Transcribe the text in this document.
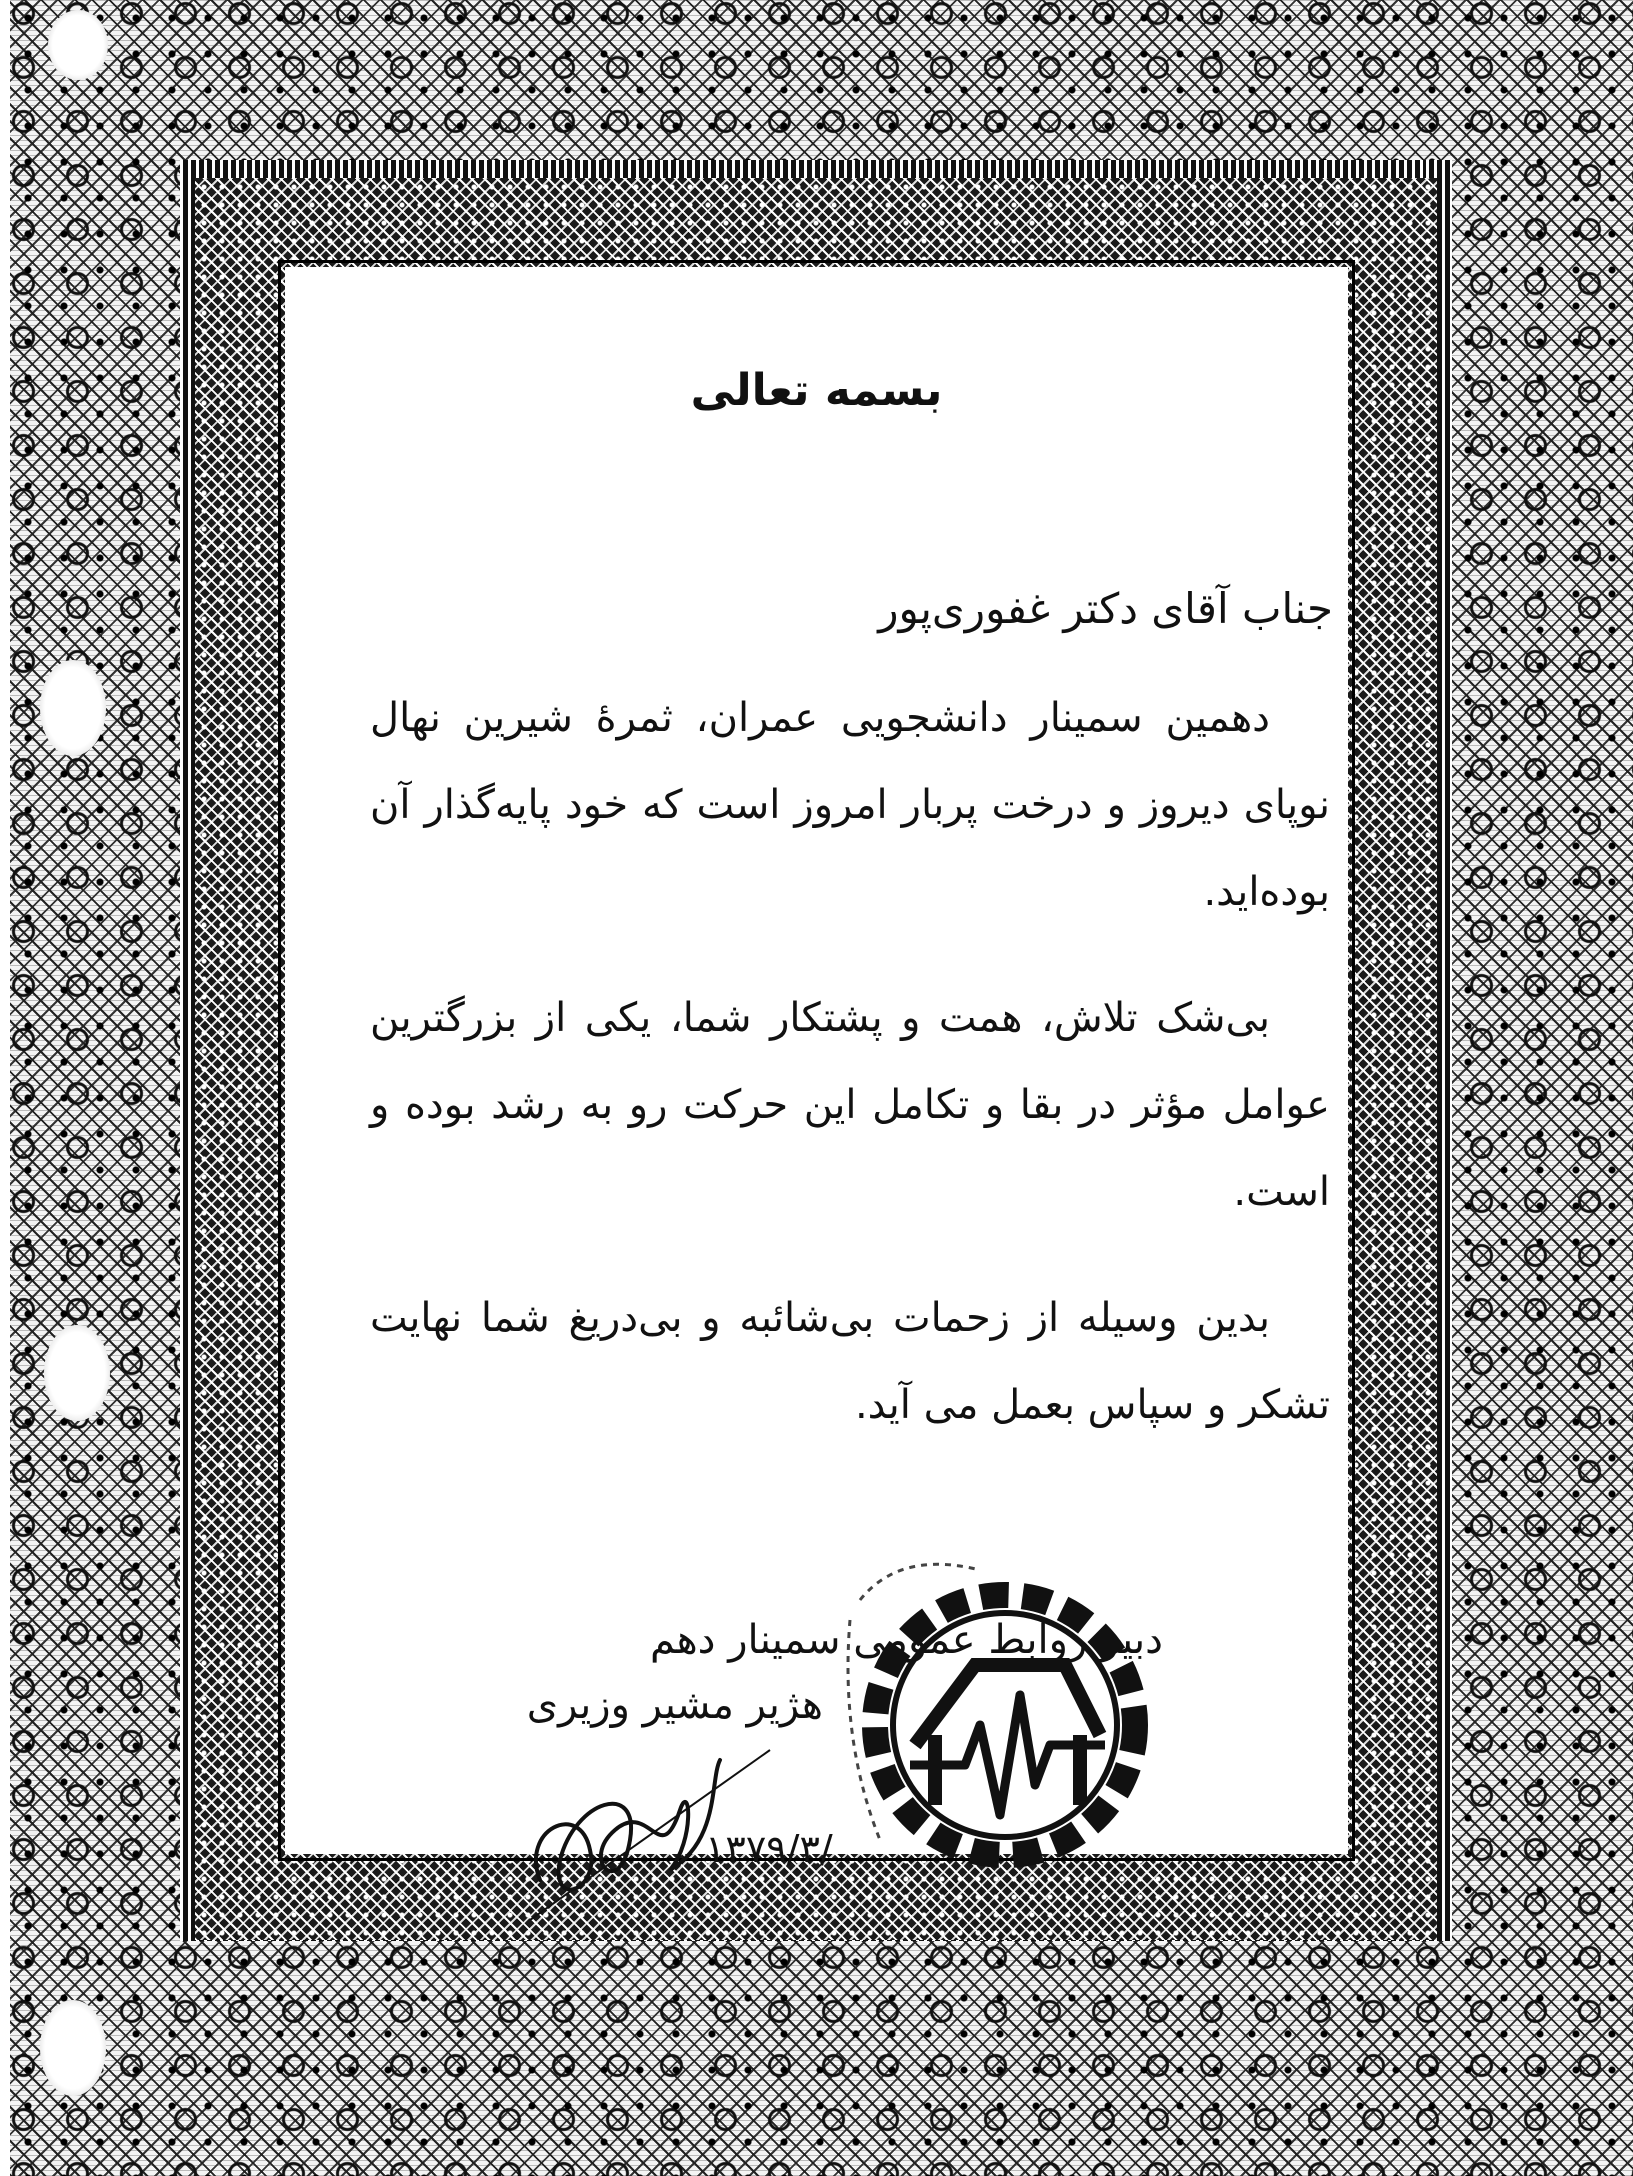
بسمه تعالی
جناب آقای دکتر غفوری‌پور
دهمین سمینار دانشجویی عمران، ثمرهٔ شیرین نهال نوپای دیروز و درخت پربار امروز است که خود پایه‌گذار آن بوده‌اید.
بی‌شک تلاش، همت و پشتکار شما، یکی از بزرگترین عوامل مؤثر در بقا و تکامل این حرکت رو به رشد بوده و است.
بدین وسیله از زحمات بی‌شائبه و بی‌دریغ شما نهایت تشکر و سپاس بعمل می آید.
دبیر روابط عمومی سمینار دهم
هژیر مشیر وزیری
۱۳۷۹/۳/
